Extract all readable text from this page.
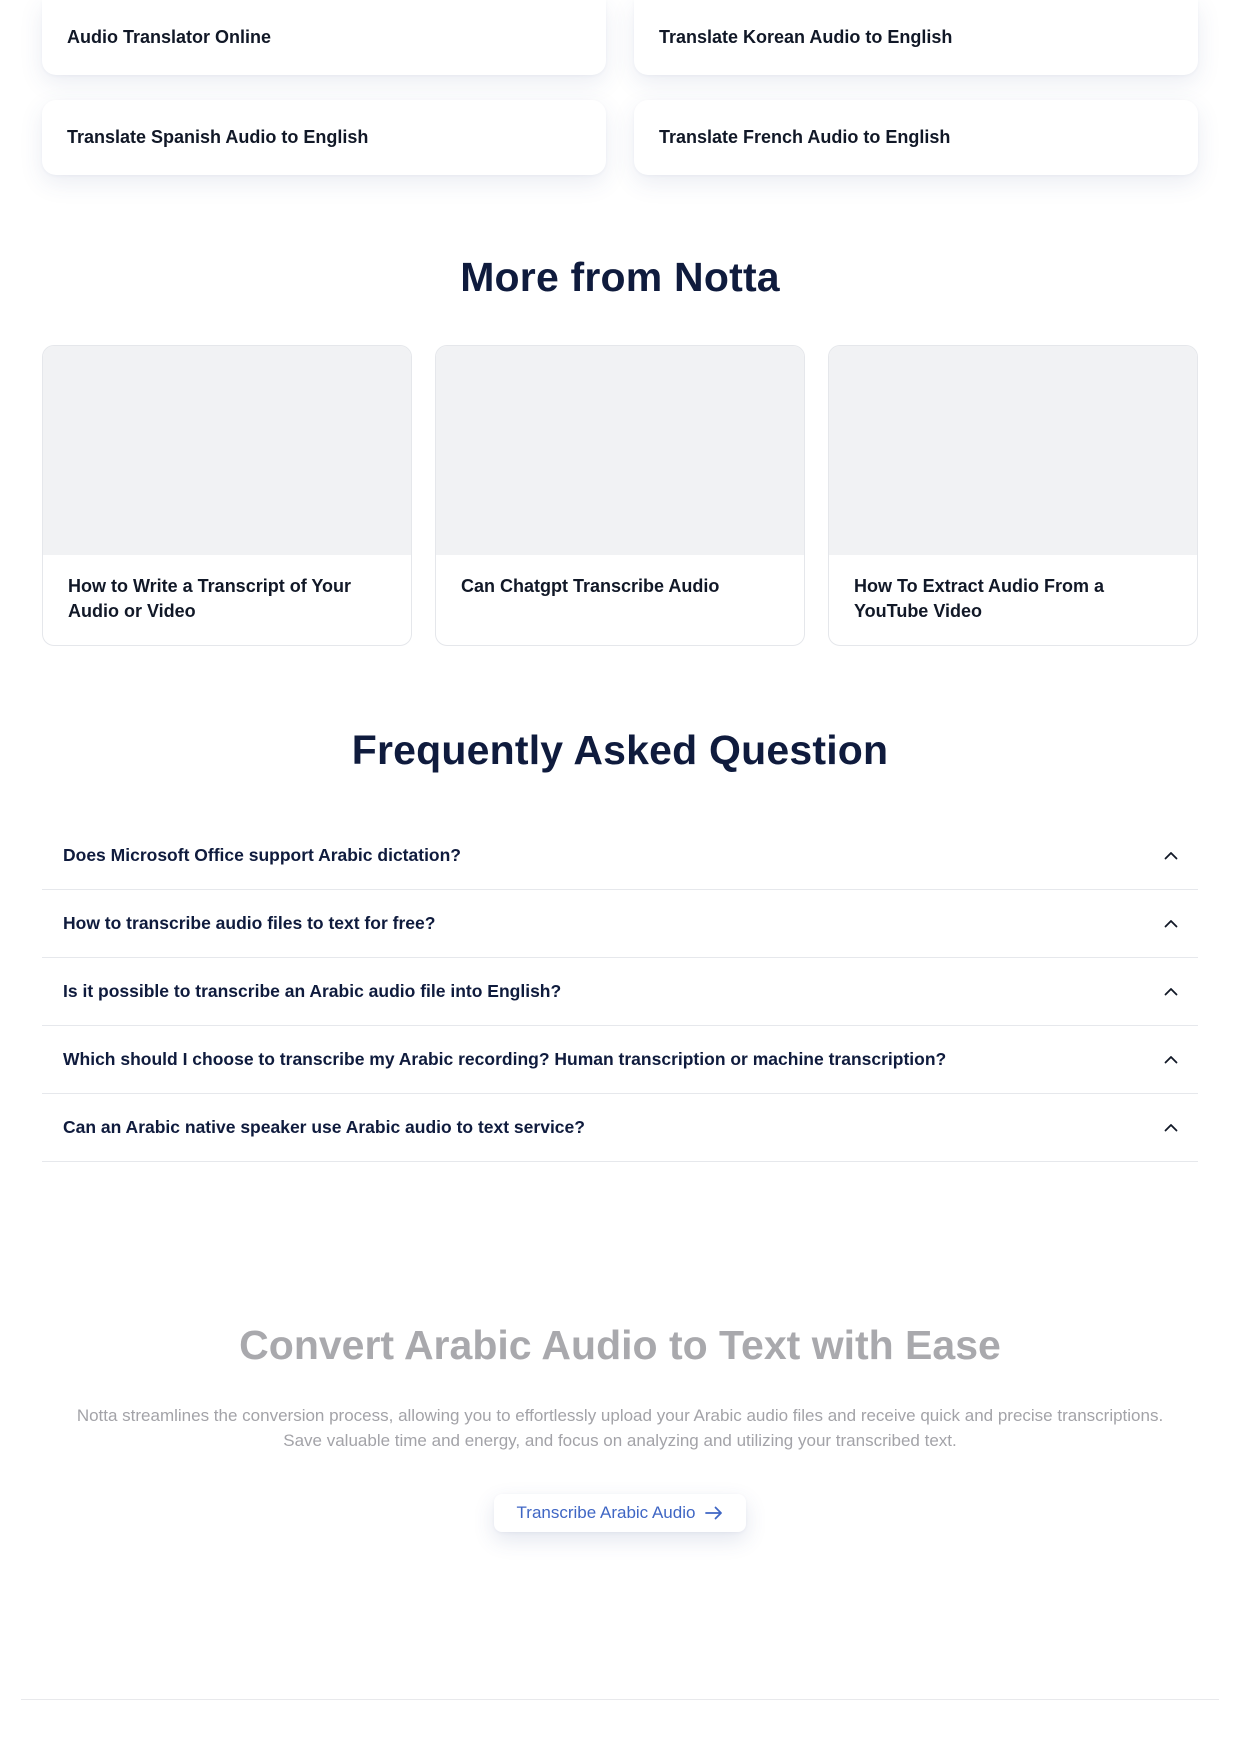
Audio Translator Online	Translate Korean Audio to English
Translate Spanish Audio to English	Translate French Audio to English
More from Notta
How to Write a Transcript of Your Audio or Video
Can Chatgpt Transcribe Audio	How To Extract Audio From a YouTube Video
Frequently Asked Question
Does Microsoft Office support Arabic dictation?
How to transcribe audio files to text for free?
Is it possible to transcribe an Arabic audio file into English?
Which should I choose to transcribe my Arabic recording? Human transcription or machine transcription?
Can an Arabic native speaker use Arabic audio to text service?
Convert Arabic Audio to Text with Ease
Notta streamlines the conversion process, allowing you to effortlessly upload your Arabic audio files and receive quick and precise transcriptions.
Save valuable time and energy, and focus on analyzing and utilizing your transcribed text.
Transcribe Arabic Audio
